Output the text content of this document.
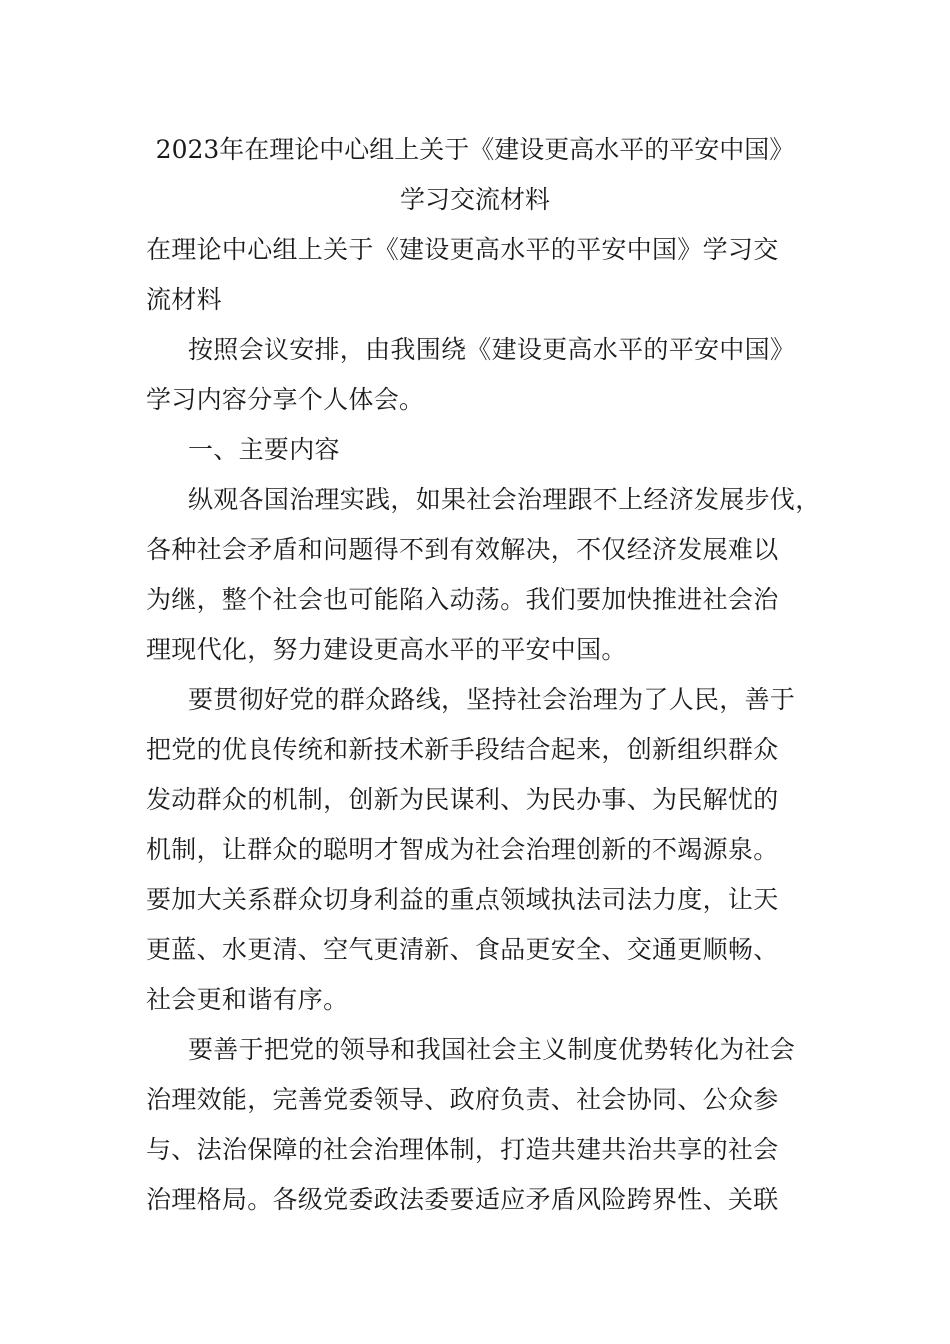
2023年在理论中心组上关于《建设更高水平的平安中国》
学习交流材料
在理论中心组上关于《建设更高水平的平安中国》学习交
流材料
按照会议安排，由我围绕《建设更高水平的平安中国》
学习内容分享个人体会。
一、主要内容
纵观各国治理实践，如果社会治理跟不上经济发展步伐，
各种社会矛盾和问题得不到有效解决，不仅经济发展难以
为继，整个社会也可能陷入动荡。我们要加快推进社会治
理现代化，努力建设更高水平的平安中国。
要贯彻好党的群众路线，坚持社会治理为了人民，善于
把党的优良传统和新技术新手段结合起来，创新组织群众
发动群众的机制，创新为民谋利、为民办事、为民解忧的
机制，让群众的聪明才智成为社会治理创新的不竭源泉。
要加大关系群众切身利益的重点领域执法司法力度，让天
更蓝、水更清、空气更清新、食品更安全、交通更顺畅、
社会更和谐有序。
要善于把党的领导和我国社会主义制度优势转化为社会
治理效能，完善党委领导、政府负责、社会协同、公众参
与、法治保障的社会治理体制，打造共建共治共享的社会
治理格局。各级党委政法委要适应矛盾风险跨界性、关联
